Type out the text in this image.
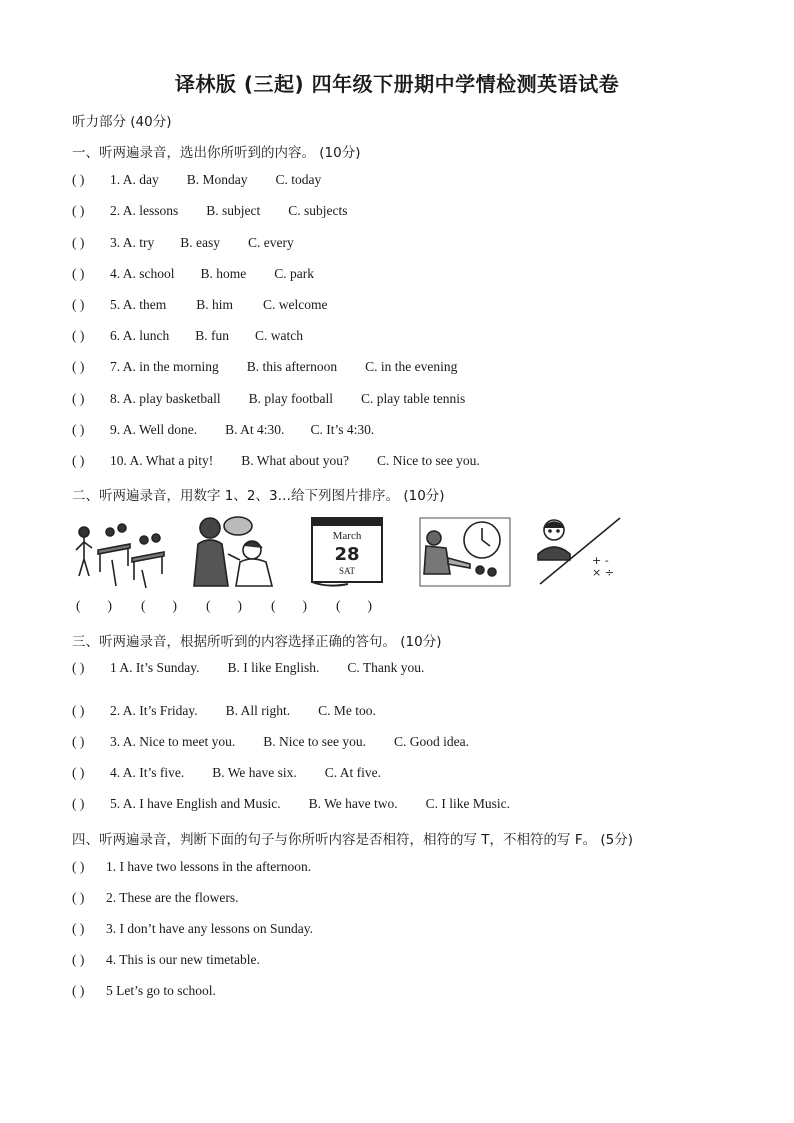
译林版 (三起) 四年级下册期中学情检测英语试卷
听力部分 (40分)
一、听两遍录音，选出你所听到的内容。 (10分)
( ) 1. A. day B. Monday C. today
( ) 2. A. lessons B. subject C. subjects
( ) 3. A. try B. easy C. every
( ) 4. A. school B. home C. park
( ) 5. A. them B. him C. welcome
( ) 6. A. lunch B. fun C. watch
( ) 7. A. in the morning B. this afternoon C. in the evening
( ) 8. A. play basketball B. play football C. play table tennis
( ) 9. A. Well done. B. At 4:30. C. It’s 4:30.
( ) 10. A. What a pity! B. What about you? C. Nice to see you.
二、听两遍录音，用数字 1、2、3…给下列图片排序。 (10分)
March
28
SAT
+ -
× ÷
(        ) (        ) (        ) (        ) (        )
三、听两遍录音，根据所听到的内容选择正确的答句。 (10分)
( ) 1 A. It’s Sunday. B. I like English. C. Thank you.
( ) 2. A. It’s Friday. B. All right. C. Me too.
( ) 3. A. Nice to meet you. B. Nice to see you. C. Good idea.
( ) 4. A. It’s five. B. We have six. C. At five.
( ) 5. A. I have English and Music. B. We have two. C. I like Music.
四、听两遍录音，判断下面的句子与你所听内容是否相符，相符的写 T，不相符的写 F。 (5分)
( ) 1. I have two lessons in the afternoon.
( ) 2. These are the flowers.
( ) 3. I don’t have any lessons on Sunday.
( ) 4. This is our new timetable.
( ) 5 Let’s go to school.
